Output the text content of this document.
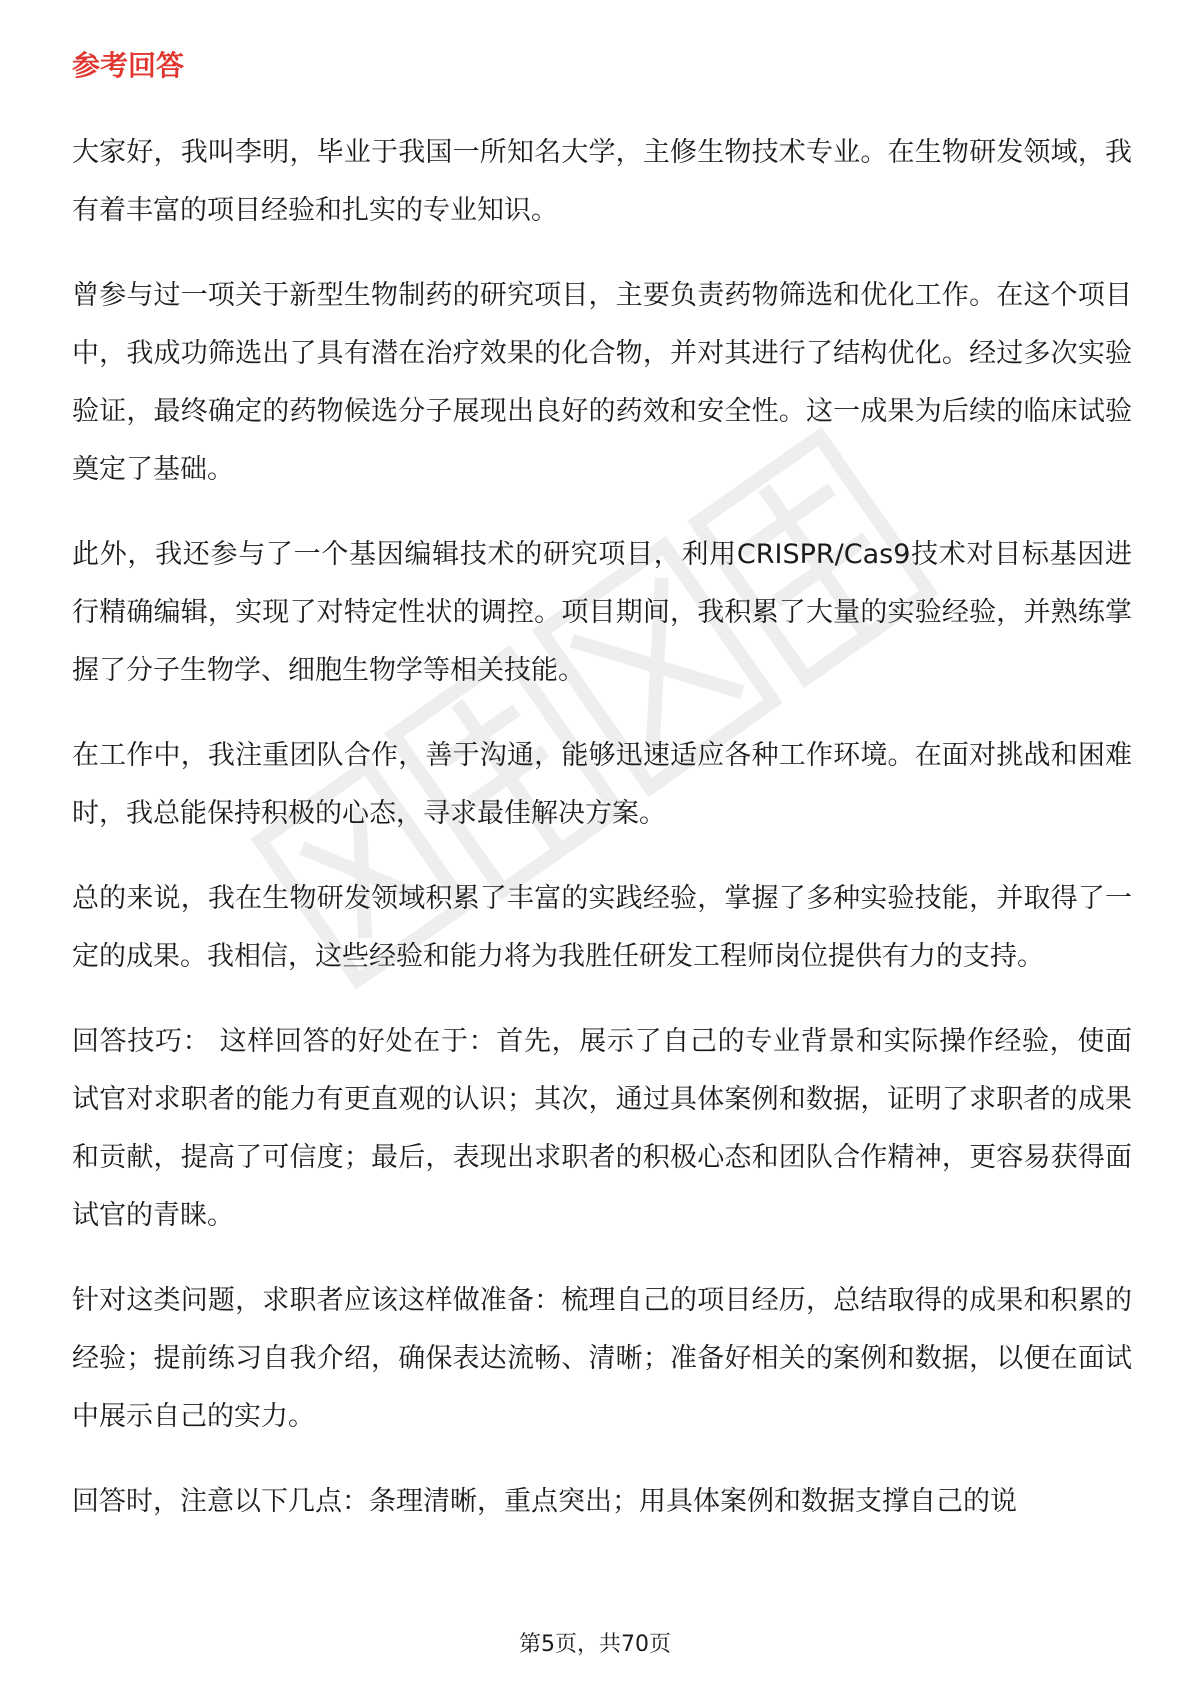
参考回答

大家好，我叫李明，毕业于我国一所知名大学，主修生物技术专业。在生物研发领域，我有着丰富的项目经验和扎实的专业知识。

曾参与过一项关于新型生物制药的研究项目，主要负责药物筛选和优化工作。在这个项目中，我成功筛选出了具有潜在治疗效果的化合物，并对其进行了结构优化。经过多次实验验证，最终确定的药物候选分子展现出良好的药效和安全性。这一成果为后续的临床试验奠定了基础。

此外，我还参与了一个基因编辑技术的研究项目，利用CRISPR/Cas9技术对目标基因进行精确编辑，实现了对特定性状的调控。项目期间，我积累了大量的实验经验，并熟练掌握了分子生物学、细胞生物学等相关技能。

在工作中，我注重团队合作，善于沟通，能够迅速适应各种工作环境。在面对挑战和困难时，我总能保持积极的心态，寻求最佳解决方案。

总的来说，我在生物研发领域积累了丰富的实践经验，掌握了多种实验技能，并取得了一定的成果。我相信，这些经验和能力将为我胜任研发工程师岗位提供有力的支持。

回答技巧： 这样回答的好处在于：首先，展示了自己的专业背景和实际操作经验，使面试官对求职者的能力有更直观的认识；其次，通过具体案例和数据，证明了求职者的成果和贡献，提高了可信度；最后，表现出求职者的积极心态和团队合作精神，更容易获得面试官的青睐。

针对这类问题，求职者应该这样做准备：梳理自己的项目经历，总结取得的成果和积累的经验；提前练习自我介绍，确保表达流畅、清晰；准备好相关的案例和数据，以便在面试中展示自己的实力。

回答时，注意以下几点：条理清晰，重点突出；用具体案例和数据支撑自己的说

第5页，共70页
